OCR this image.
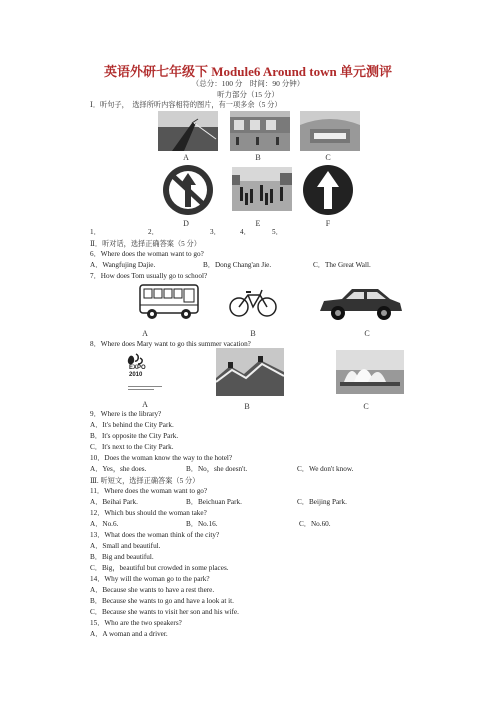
英语外研七年级下 Module6 Around town 单元测评
（总分：100 分　时间：90 分钟）
听力部分（15 分）
Ⅰ．听句子，　选择所听内容相符的图片，有一项多余（5 分）
A	B	C
D	E	F
1．	2．	3．	4．	5．
Ⅱ．听对话，选择正确答案（5 分）
6．Where does the woman want to go?
A．Wangfujing Dajie.	B．Dong Chang'an Jie.	C．The Great Wall.
7．How does Tom usually go to school?
A	B	C
8．Where does Mary want to go this summer vacation?
EXPO
2010
A	B	C
9．Where is the library?
A．It's behind the City Park.
B．It's opposite the City Park.
C．It's next to the City Park.
10．Does the woman know the way to the hotel?
A．Yes，she does.	B．No，she doesn't.	C．We don't know.
Ⅲ. 听短文，选择正确答案（5 分）
11．Where does the woman want to go?
A．Beihai Park.	B．Beichuan Park.	C．Beijing Park.
12．Which bus should the woman take?
A．No.6.	B．No.16.	C．No.60.
13．What does the woman think of the city?
A．Small and beautiful.
B．Big and beautiful.
C．Big，beautiful but crowded in some places.
14．Why will the woman go to the park?
A．Because she wants to have a rest there.
B．Because she wants to go and have a look at it.
C．Because she wants to visit her son and his wife.
15．Who are the two speakers?
A．A woman and a driver.
